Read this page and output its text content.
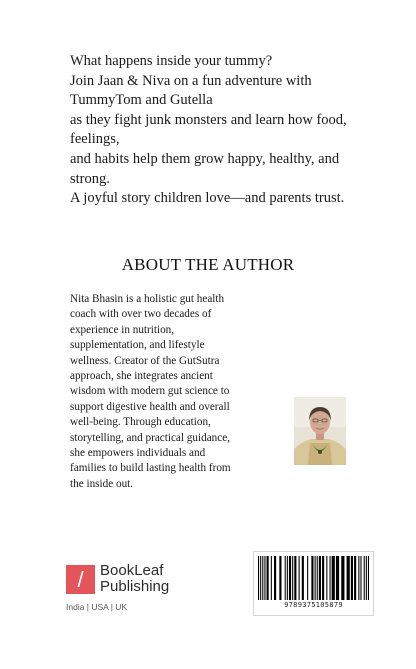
What happens inside your tummy?
Join Jaan & Niva on a fun adventure with
TummyTom and Gutella
as they fight junk monsters and learn how food,
feelings,
and habits help them grow happy, healthy, and
strong.
A joyful story children love—and parents trust.
ABOUT THE AUTHOR
Nita Bhasin is a holistic gut health
coach with over two decades of
experience in nutrition,
supplementation, and lifestyle
wellness. Creator of the GutSutra
approach, she integrates ancient
wisdom with modern gut science to
support digestive health and overall
well-being. Through education,
storytelling, and practical guidance,
she empowers individuals and
families to build lasting health from
the inside out.
/	BookLeaf
Publishing
India | USA | UK	9789375105879
